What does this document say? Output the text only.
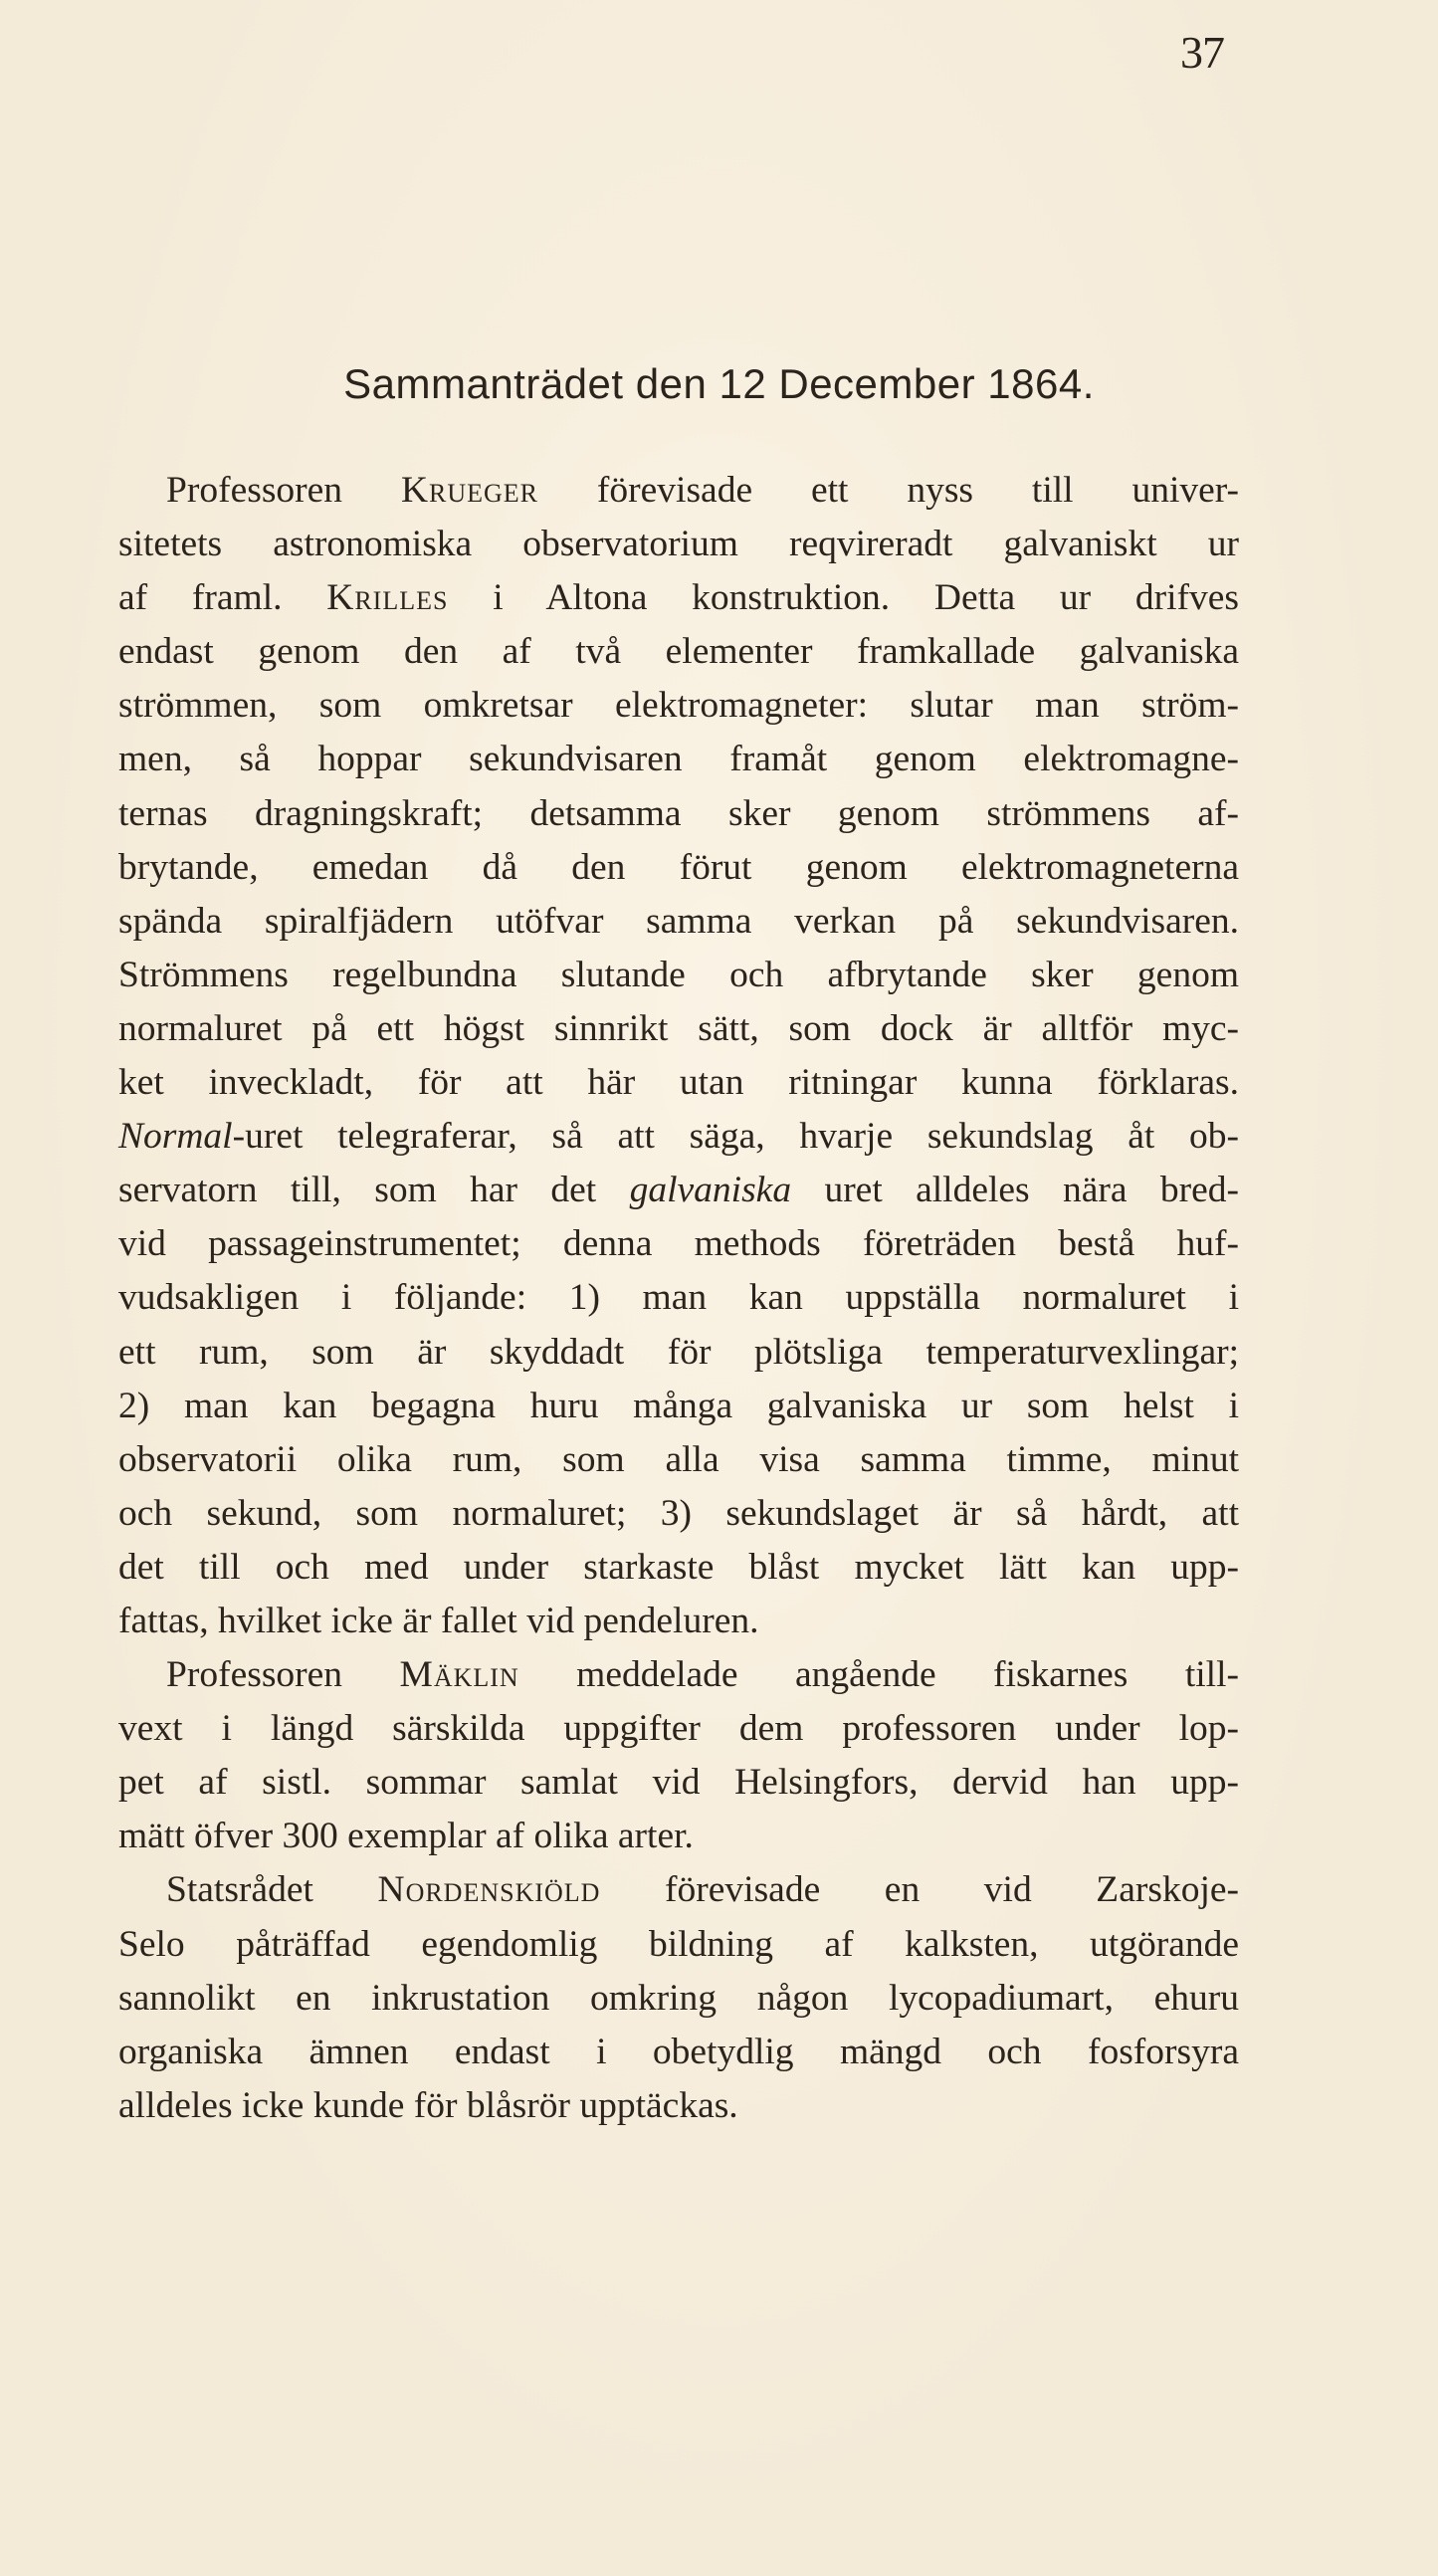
37
Sammanträdet den 12 December 1864.
Professoren Krueger förevisade ett nyss till univer-
sitetets astronomiska observatorium reqvireradt galvaniskt ur
af framl. Krilles i Altona konstruktion. Detta ur drifves
endast genom den af två elementer framkallade galvaniska
strömmen, som omkretsar elektromagneter: slutar man ström-
men, så hoppar sekundvisaren framåt genom elektromagne-
ternas dragningskraft; detsamma sker genom strömmens af-
brytande, emedan då den förut genom elektromagneterna
spända spiralfjädern utöfvar samma verkan på sekundvisaren.
Strömmens regelbundna slutande och afbrytande sker genom
normaluret på ett högst sinnrikt sätt, som dock är alltför myc-
ket inveckladt, för att här utan ritningar kunna förklaras.
Normal-uret telegraferar, så att säga, hvarje sekundslag åt ob-
servatorn till, som har det galvaniska uret alldeles nära bred-
vid passageinstrumentet; denna methods företräden bestå huf-
vudsakligen i följande: 1) man kan uppställa normaluret i
ett rum, som är skyddadt för plötsliga temperaturvexlingar;
2) man kan begagna huru många galvaniska ur som helst i
observatorii olika rum, som alla visa samma timme, minut
och sekund, som normaluret; 3) sekundslaget är så hårdt, att
det till och med under starkaste blåst mycket lätt kan upp-
fattas, hvilket icke är fallet vid pendeluren.
Professoren Mäklin meddelade angående fiskarnes till-
vext i längd särskilda uppgifter dem professoren under lop-
pet af sistl. sommar samlat vid Helsingfors, dervid han upp-
mätt öfver 300 exemplar af olika arter.
Statsrådet Nordenskiöld förevisade en vid Zarskoje-
Selo påträffad egendomlig bildning af kalksten, utgörande
sannolikt en inkrustation omkring någon lycopadiumart, ehuru
organiska ämnen endast i obetydlig mängd och fosforsyra
alldeles icke kunde för blåsrör upptäckas.
